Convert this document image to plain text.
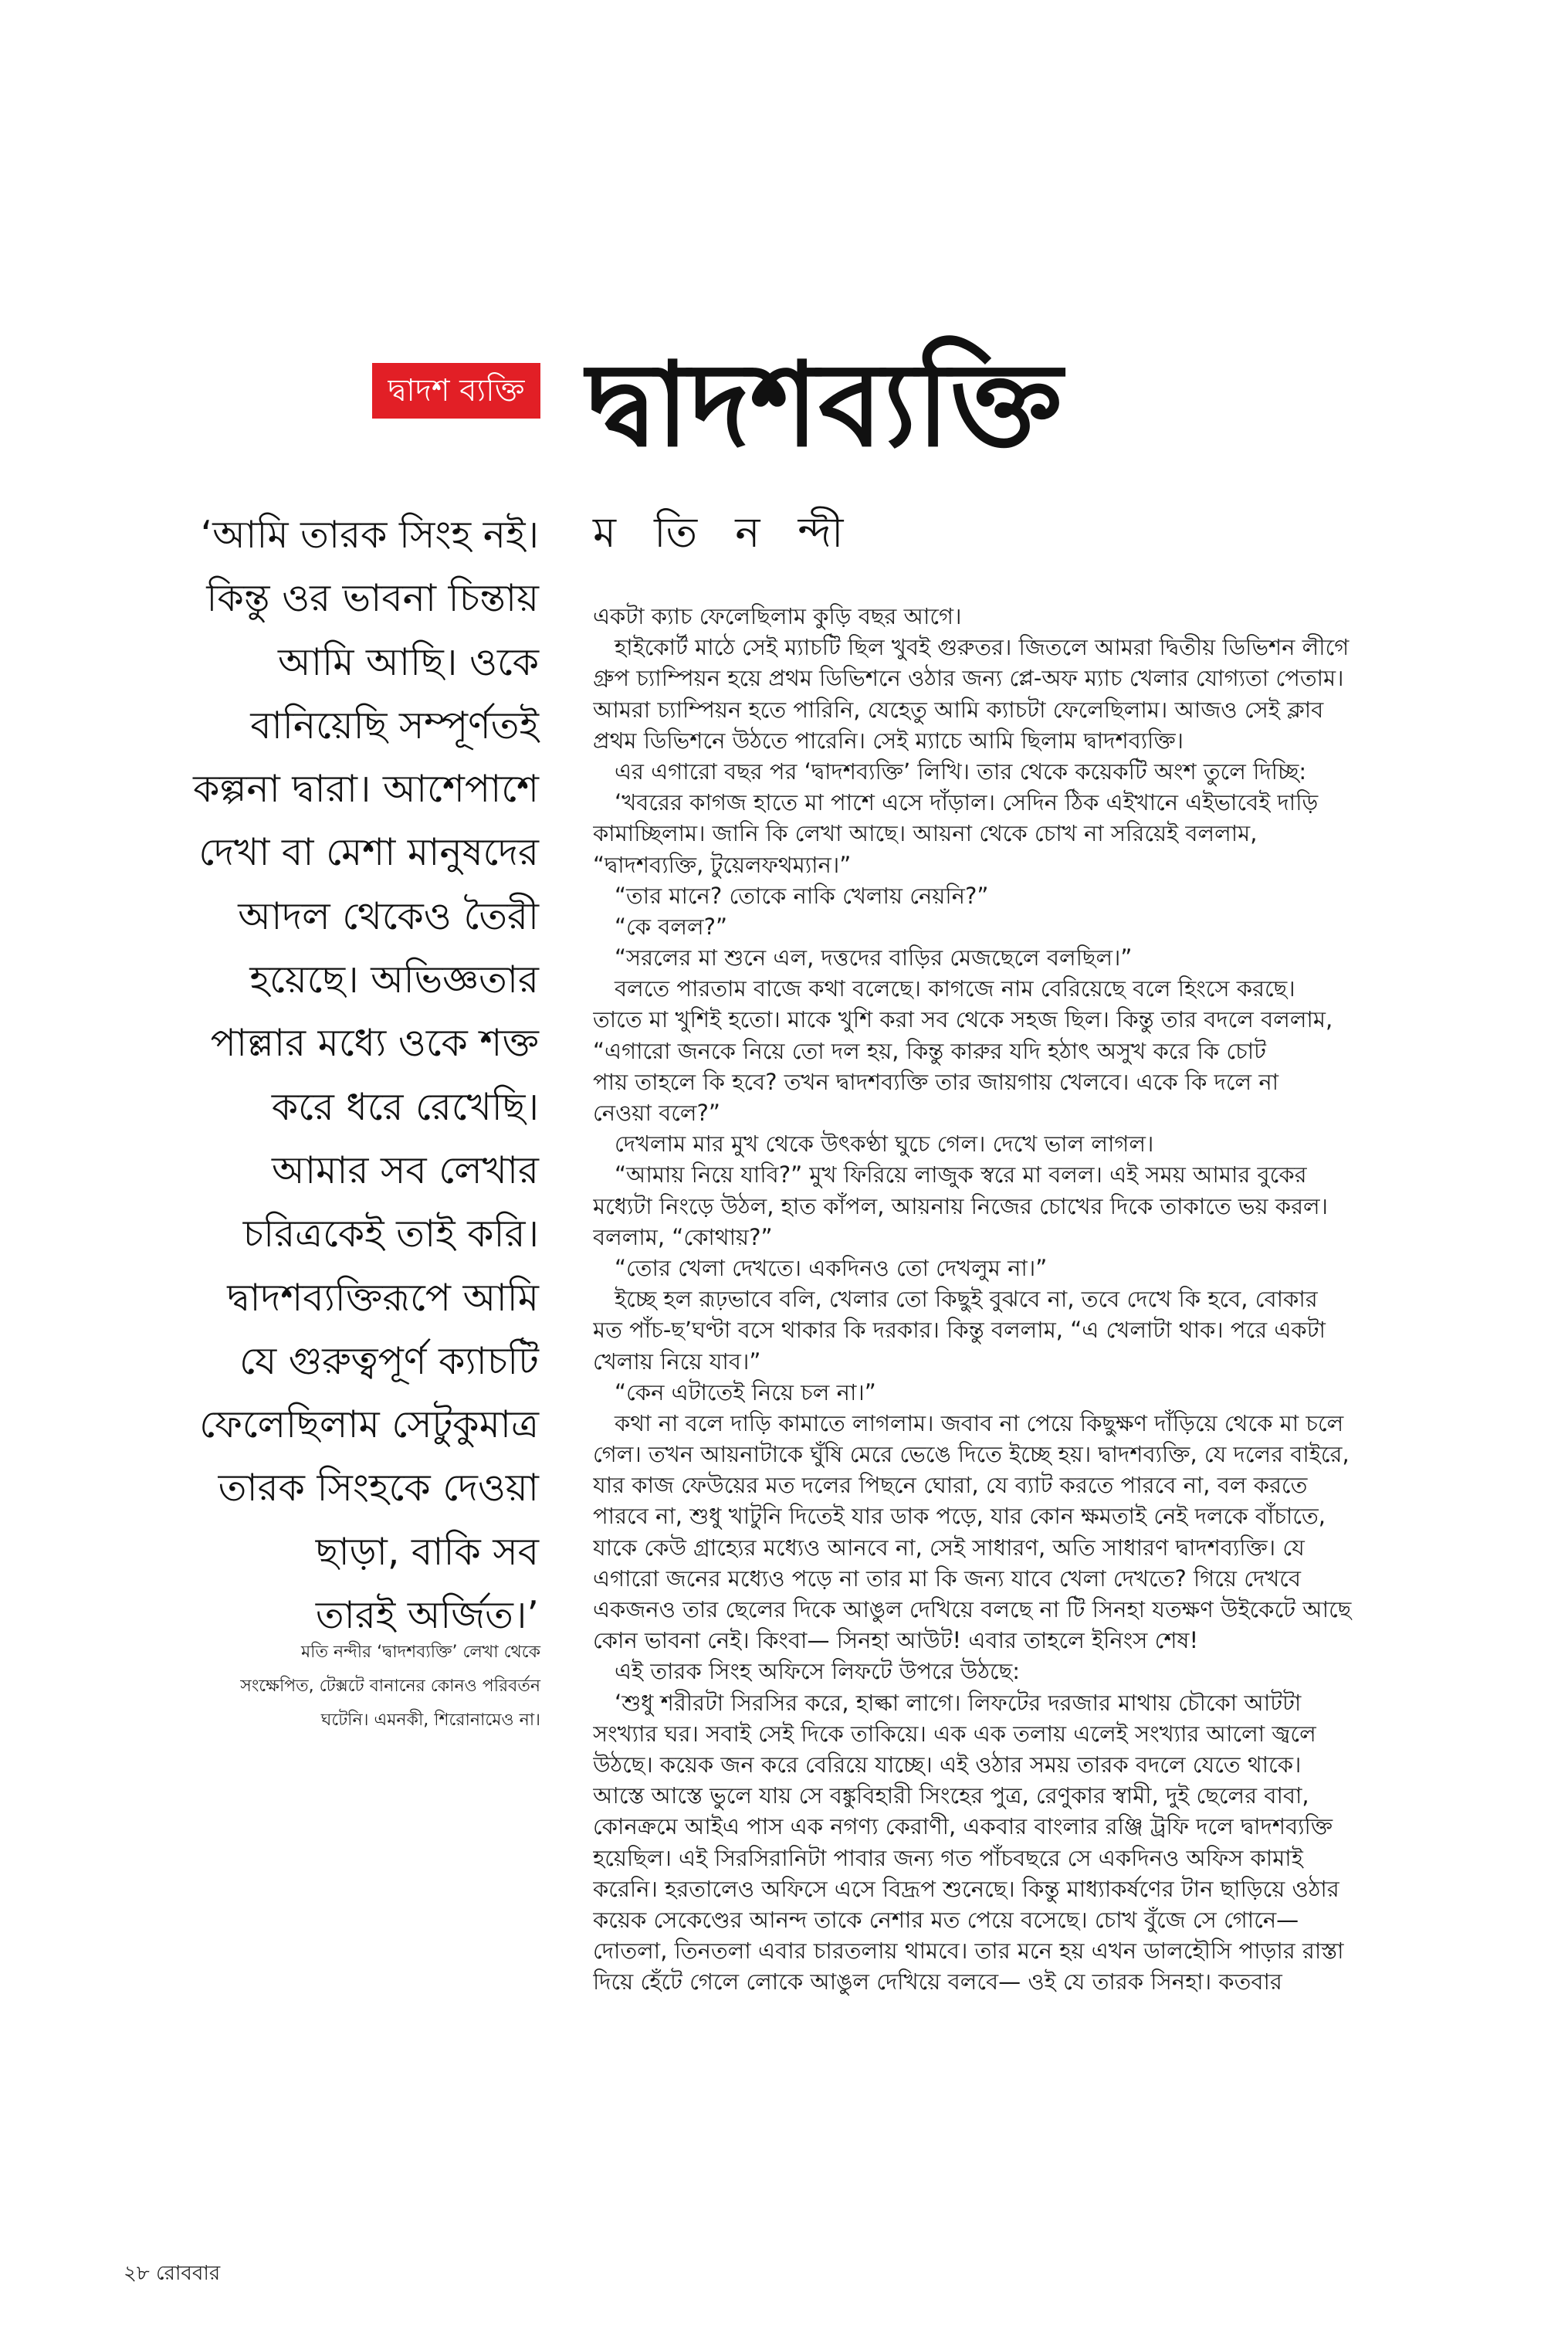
দ্বাদশ ব্যক্তি দ্বাদশব্যক্তি
ম তি ন ন্দী
‘আমি তারক সিংহ নই।
কিন্তু ওর ভাবনা চিন্তায়
আমি আছি। ওকে
বানিয়েছি সম্পূর্ণতই
কল্পনা দ্বারা। আশেপাশে
দেখা বা মেশা মানুষদের
আদল থেকেও তৈরী
হয়েছে। অভিজ্ঞতার
পাল্লার মধ্যে ওকে শক্ত
করে ধরে রেখেছি।
আমার সব লেখার
চরিত্রকেই তাই করি।
দ্বাদশব্যক্তিরূপে আমি
যে গুরুত্বপূর্ণ ক্যাচটি
ফেলেছিলাম সেটুকুমাত্র
তারক সিংহকে দেওয়া
ছাড়া, বাকি সব
তারই অর্জিত।’
মতি নন্দীর ‘দ্বাদশব্যক্তি’ লেখা থেকে
সংক্ষেপিত, টেক্সটে বানানের কোনও পরিবর্তন
ঘটেনি। এমনকী, শিরোনামেও না।
একটা ক্যাচ ফেলেছিলাম কুড়ি বছর আগে।
হাইকোর্ট মাঠে সেই ম্যাচটি ছিল খুবই গুরুতর। জিতলে আমরা দ্বিতীয় ডিভিশন লীগে
গ্রুপ চ্যাম্পিয়ন হয়ে প্রথম ডিভিশনে ওঠার জন্য প্লে-অফ ম্যাচ খেলার যোগ্যতা পেতাম।
আমরা চ্যাম্পিয়ন হতে পারিনি, যেহেতু আমি ক্যাচটা ফেলেছিলাম। আজও সেই ক্লাব
প্রথম ডিভিশনে উঠতে পারেনি। সেই ম্যাচে আমি ছিলাম দ্বাদশব্যক্তি।
এর এগারো বছর পর ‘দ্বাদশব্যক্তি’ লিখি। তার থেকে কয়েকটি অংশ তুলে দিচ্ছি:
‘খবরের কাগজ হাতে মা পাশে এসে দাঁড়াল। সেদিন ঠিক এইখানে এইভাবেই দাড়ি
কামাচ্ছিলাম। জানি কি লেখা আছে। আয়না থেকে চোখ না সরিয়েই বললাম,
“দ্বাদশব্যক্তি, টুয়েলফথম্যান।”
“তার মানে? তোকে নাকি খেলায় নেয়নি?”
“কে বলল?”
“সরলের মা শুনে এল, দত্তদের বাড়ির মেজছেলে বলছিল।”
বলতে পারতাম বাজে কথা বলেছে। কাগজে নাম বেরিয়েছে বলে হিংসে করছে।
তাতে মা খুশিই হতো। মাকে খুশি করা সব থেকে সহজ ছিল। কিন্তু তার বদলে বললাম,
“এগারো জনকে নিয়ে তো দল হয়, কিন্তু কারুর যদি হঠাৎ অসুখ করে কি চোট
পায় তাহলে কি হবে? তখন দ্বাদশব্যক্তি তার জায়গায় খেলবে। একে কি দলে না
নেওয়া বলে?”
দেখলাম মার মুখ থেকে উৎকণ্ঠা ঘুচে গেল। দেখে ভাল লাগল।
“আমায় নিয়ে যাবি?” মুখ ফিরিয়ে লাজুক স্বরে মা বলল। এই সময় আমার বুকের
মধ্যেটা নিংড়ে উঠল, হাত কাঁপল, আয়নায় নিজের চোখের দিকে তাকাতে ভয় করল।
বললাম, “কোথায়?”
“তোর খেলা দেখতে। একদিনও তো দেখলুম না।”
ইচ্ছে হল রূঢ়ভাবে বলি, খেলার তো কিছুই বুঝবে না, তবে দেখে কি হবে, বোকার
মত পাঁচ-ছ’ঘণ্টা বসে থাকার কি দরকার। কিন্তু বললাম, “এ খেলাটা থাক। পরে একটা
খেলায় নিয়ে যাব।”
“কেন এটাতেই নিয়ে চল না।”
কথা না বলে দাড়ি কামাতে লাগলাম। জবাব না পেয়ে কিছুক্ষণ দাঁড়িয়ে থেকে মা চলে
গেল। তখন আয়নাটাকে ঘুঁষি মেরে ভেঙে দিতে ইচ্ছে হয়। দ্বাদশব্যক্তি, যে দলের বাইরে,
যার কাজ ফেউয়ের মত দলের পিছনে ঘোরা, যে ব্যাট করতে পারবে না, বল করতে
পারবে না, শুধু খাটুনি দিতেই যার ডাক পড়ে, যার কোন ক্ষমতাই নেই দলকে বাঁচাতে,
যাকে কেউ গ্রাহ্যের মধ্যেও আনবে না, সেই সাধারণ, অতি সাধারণ দ্বাদশব্যক্তি। যে
এগারো জনের মধ্যেও পড়ে না তার মা কি জন্য যাবে খেলা দেখতে? গিয়ে দেখবে
একজনও তার ছেলের দিকে আঙুল দেখিয়ে বলছে না টি সিনহা যতক্ষণ উইকেটে আছে
কোন ভাবনা নেই। কিংবা— সিনহা আউট! এবার তাহলে ইনিংস শেষ!
এই তারক সিংহ অফিসে লিফটে উপরে উঠছে:
‘শুধু শরীরটা সিরসির করে, হাল্কা লাগে। লিফটের দরজার মাথায় চৌকো আটটা
সংখ্যার ঘর। সবাই সেই দিকে তাকিয়ে। এক এক তলায় এলেই সংখ্যার আলো জ্বলে
উঠছে। কয়েক জন করে বেরিয়ে যাচ্ছে। এই ওঠার সময় তারক বদলে যেতে থাকে।
আস্তে আস্তে ভুলে যায় সে বঙ্কুবিহারী সিংহের পুত্র, রেণুকার স্বামী, দুই ছেলের বাবা,
কোনক্রমে আইএ পাস এক নগণ্য কেরাণী, একবার বাংলার রঞ্জি ট্রফি দলে দ্বাদশব্যক্তি
হয়েছিল। এই সিরসিরানিটা পাবার জন্য গত পাঁচবছরে সে একদিনও অফিস কামাই
করেনি। হরতালেও অফিসে এসে বিদ্রূপ শুনেছে। কিন্তু মাধ্যাকর্ষণের টান ছাড়িয়ে ওঠার
কয়েক সেকেণ্ডের আনন্দ তাকে নেশার মত পেয়ে বসেছে। চোখ বুঁজে সে গোনে—
দোতলা, তিনতলা এবার চারতলায় থামবে। তার মনে হয় এখন ডালহৌসি পাড়ার রাস্তা
দিয়ে হেঁটে গেলে লোকে আঙুল দেখিয়ে বলবে— ওই যে তারক সিনহা। কতবার
২৮ রোববার
